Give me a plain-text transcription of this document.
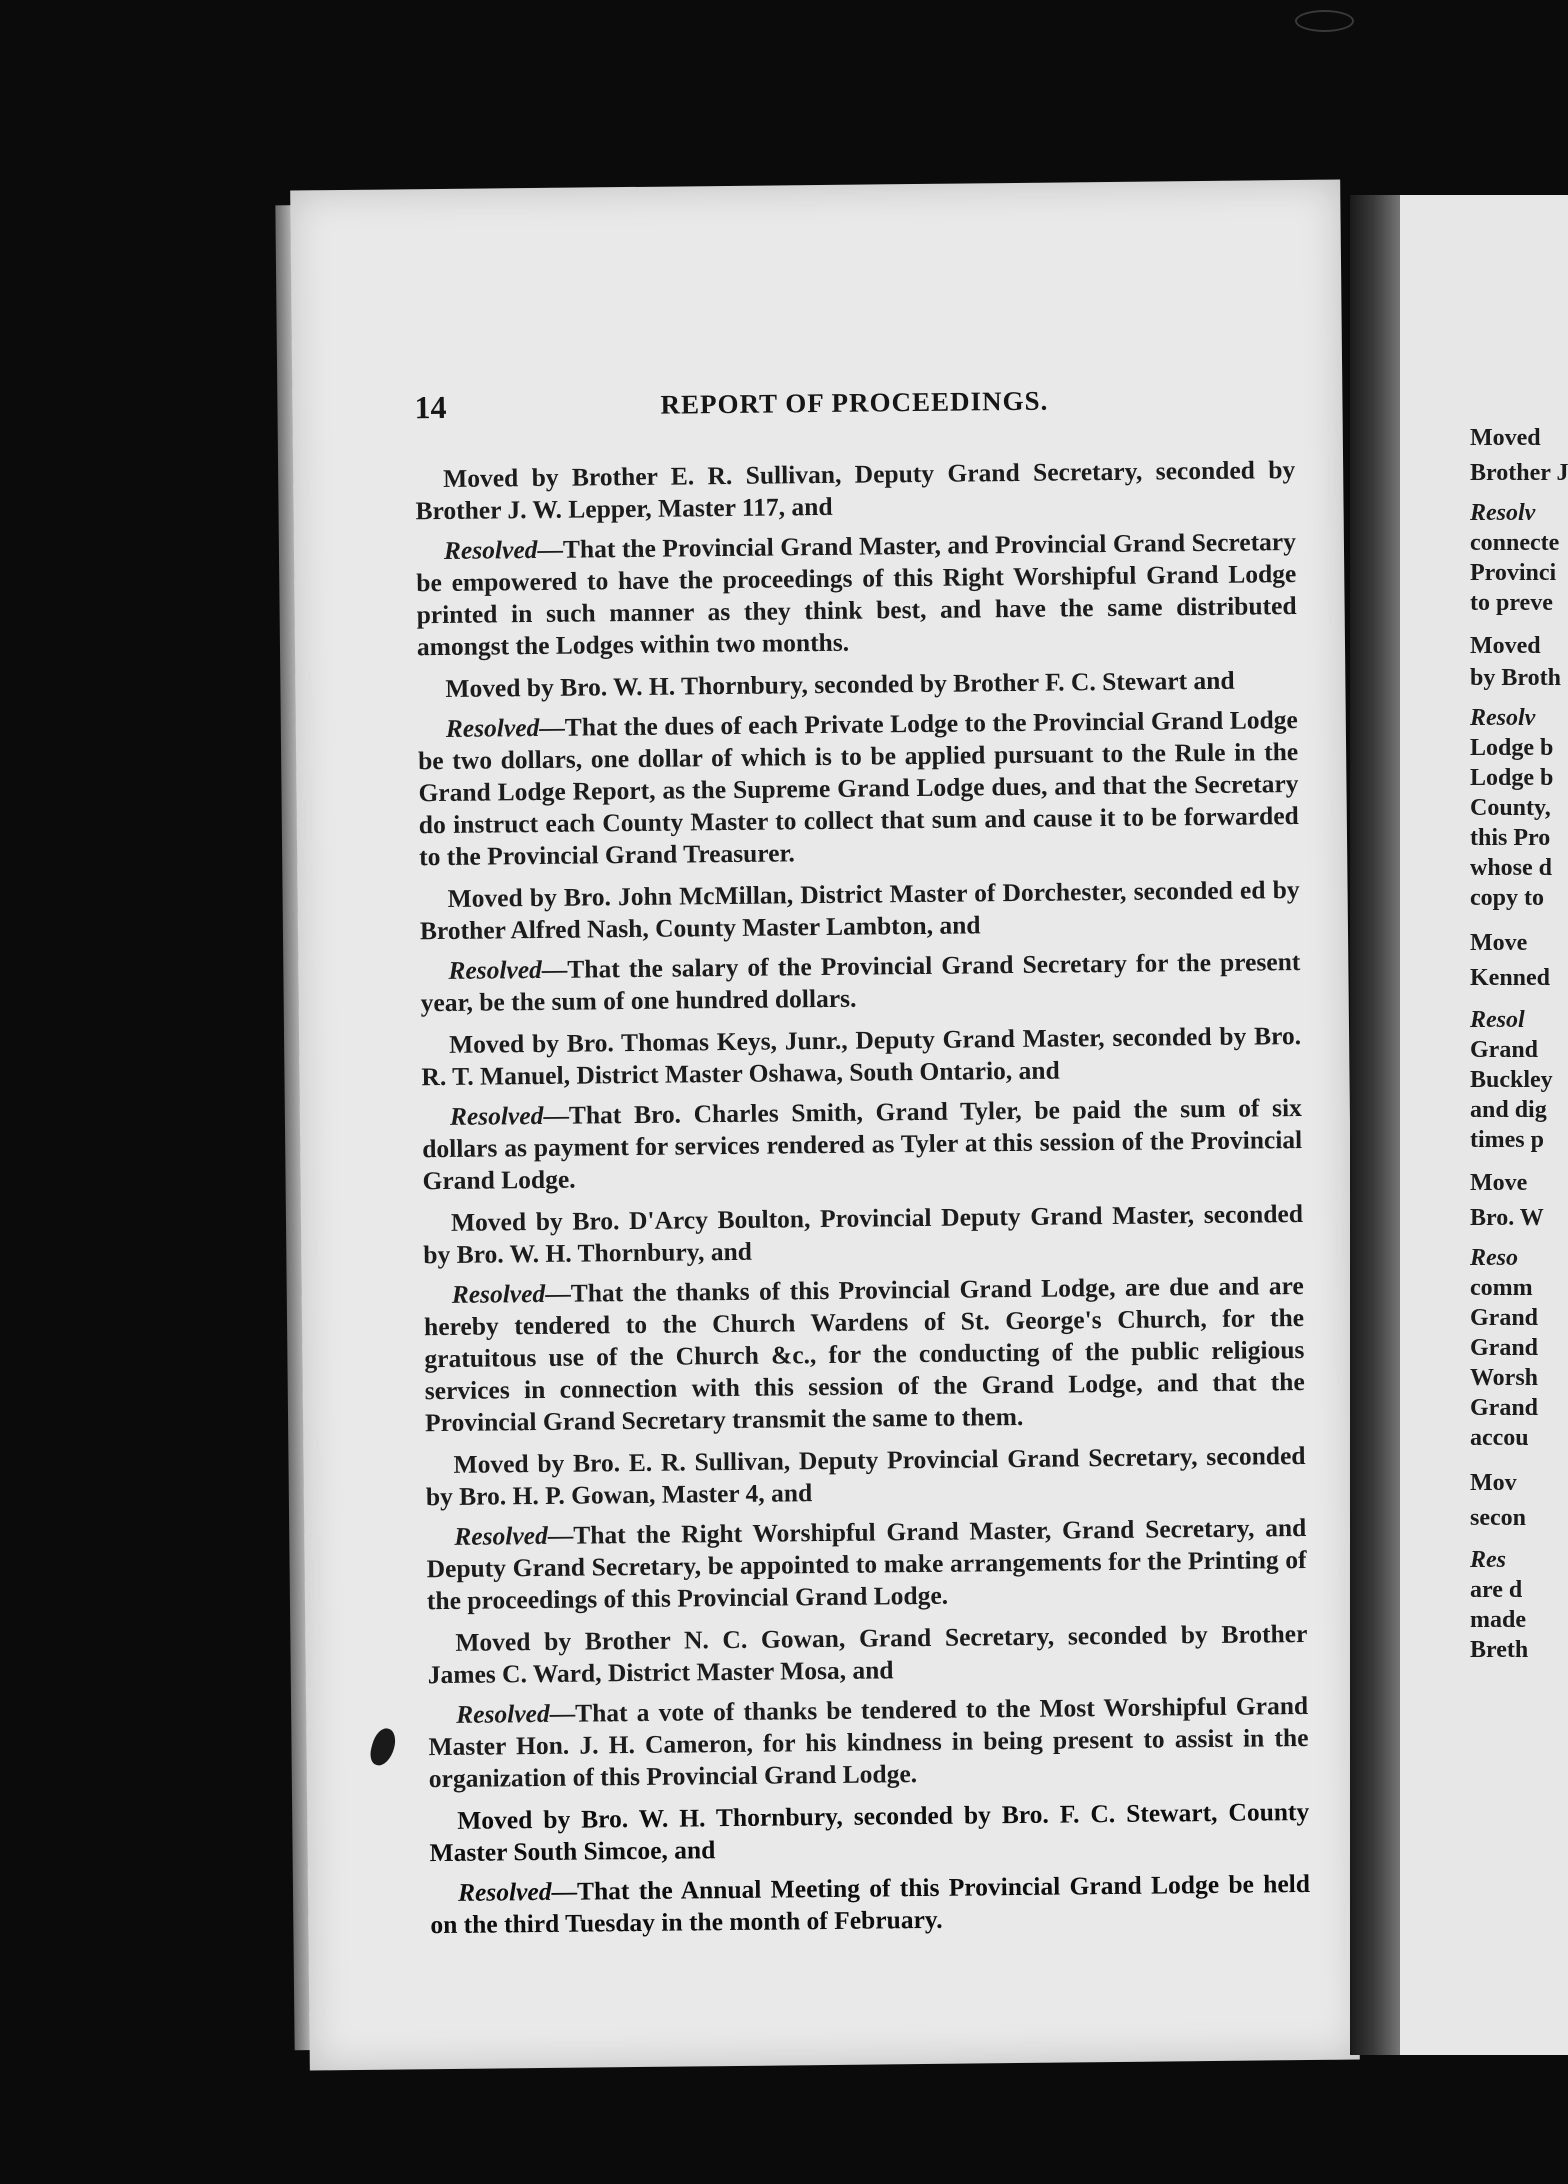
14	REPORT OF PROCEEDINGS.

Moved by Brother E. R. Sullivan, Deputy Grand Secretary, seconded by Brother J. W. Lepper, Master 117, and

Resolved—That the Provincial Grand Master, and Provincial Grand Secretary be empowered to have the proceedings of this Right Worshipful Grand Lodge printed in such manner as they think best, and have the same distributed amongst the Lodges within two months.

Moved by Bro. W. H. Thornbury, seconded by Brother F. C. Stewart and

Resolved—That the dues of each Private Lodge to the Provincial Grand Lodge be two dollars, one dollar of which is to be applied pursuant to the Rule in the Grand Lodge Report, as the Supreme Grand Lodge dues, and that the Secretary do instruct each County Master to collect that sum and cause it to be forwarded to the Provincial Grand Treasurer.

Moved by Bro. John McMillan, District Master of Dorchester, seconded ed by Brother Alfred Nash, County Master Lambton, and

Resolved—That the salary of the Provincial Grand Secretary for the present year, be the sum of one hundred dollars.

Moved by Bro. Thomas Keys, Junr., Deputy Grand Master, seconded by Bro. R. T. Manuel, District Master Oshawa, South Ontario, and

Resolved—That Bro. Charles Smith, Grand Tyler, be paid the sum of six dollars as payment for services rendered as Tyler at this session of the Provincial Grand Lodge.

Moved by Bro. D'Arcy Boulton, Provincial Deputy Grand Master, seconded by Bro. W. H. Thornbury, and

Resolved—That the thanks of this Provincial Grand Lodge, are due and are hereby tendered to the Church Wardens of St. George's Church, for the gratuitous use of the Church &c., for the conducting of the public religious services in connection with this session of the Grand Lodge, and that the Provincial Grand Secretary transmit the same to them.

Moved by Bro. E. R. Sullivan, Deputy Provincial Grand Secretary, seconded by Bro. H. P. Gowan, Master 4, and

Resolved—That the Right Worshipful Grand Master, Grand Secretary, and Deputy Grand Secretary, be appointed to make arrangements for the Printing of the proceedings of this Provincial Grand Lodge.

Moved by Brother N. C. Gowan, Grand Secretary, seconded by Brother James C. Ward, District Master Mosa, and

Resolved—That a vote of thanks be tendered to the Most Worshipful Grand Master Hon. J. H. Cameron, for his kindness in being present to assist in the organization of this Provincial Grand Lodge.

Moved by Bro. W. H. Thornbury, seconded by Bro. F. C. Stewart, County Master South Simcoe, and

Resolved—That the Annual Meeting of this Provincial Grand Lodge be held on the third Tuesday in the month of February.

Moved
Brother J
Resolv
connecte
Provinci
to preve
Moved
by Broth
Resolv
Lodge b
Lodge b
County,
this Pro
whose d
copy to
Move
Kenned
Resol
Grand
Buckley
and dig
times p
Move
Bro. W
Reso
comm
Grand
Grand
Worsh
Grand
accou
Mov
secon
Res
are d
made
Breth
